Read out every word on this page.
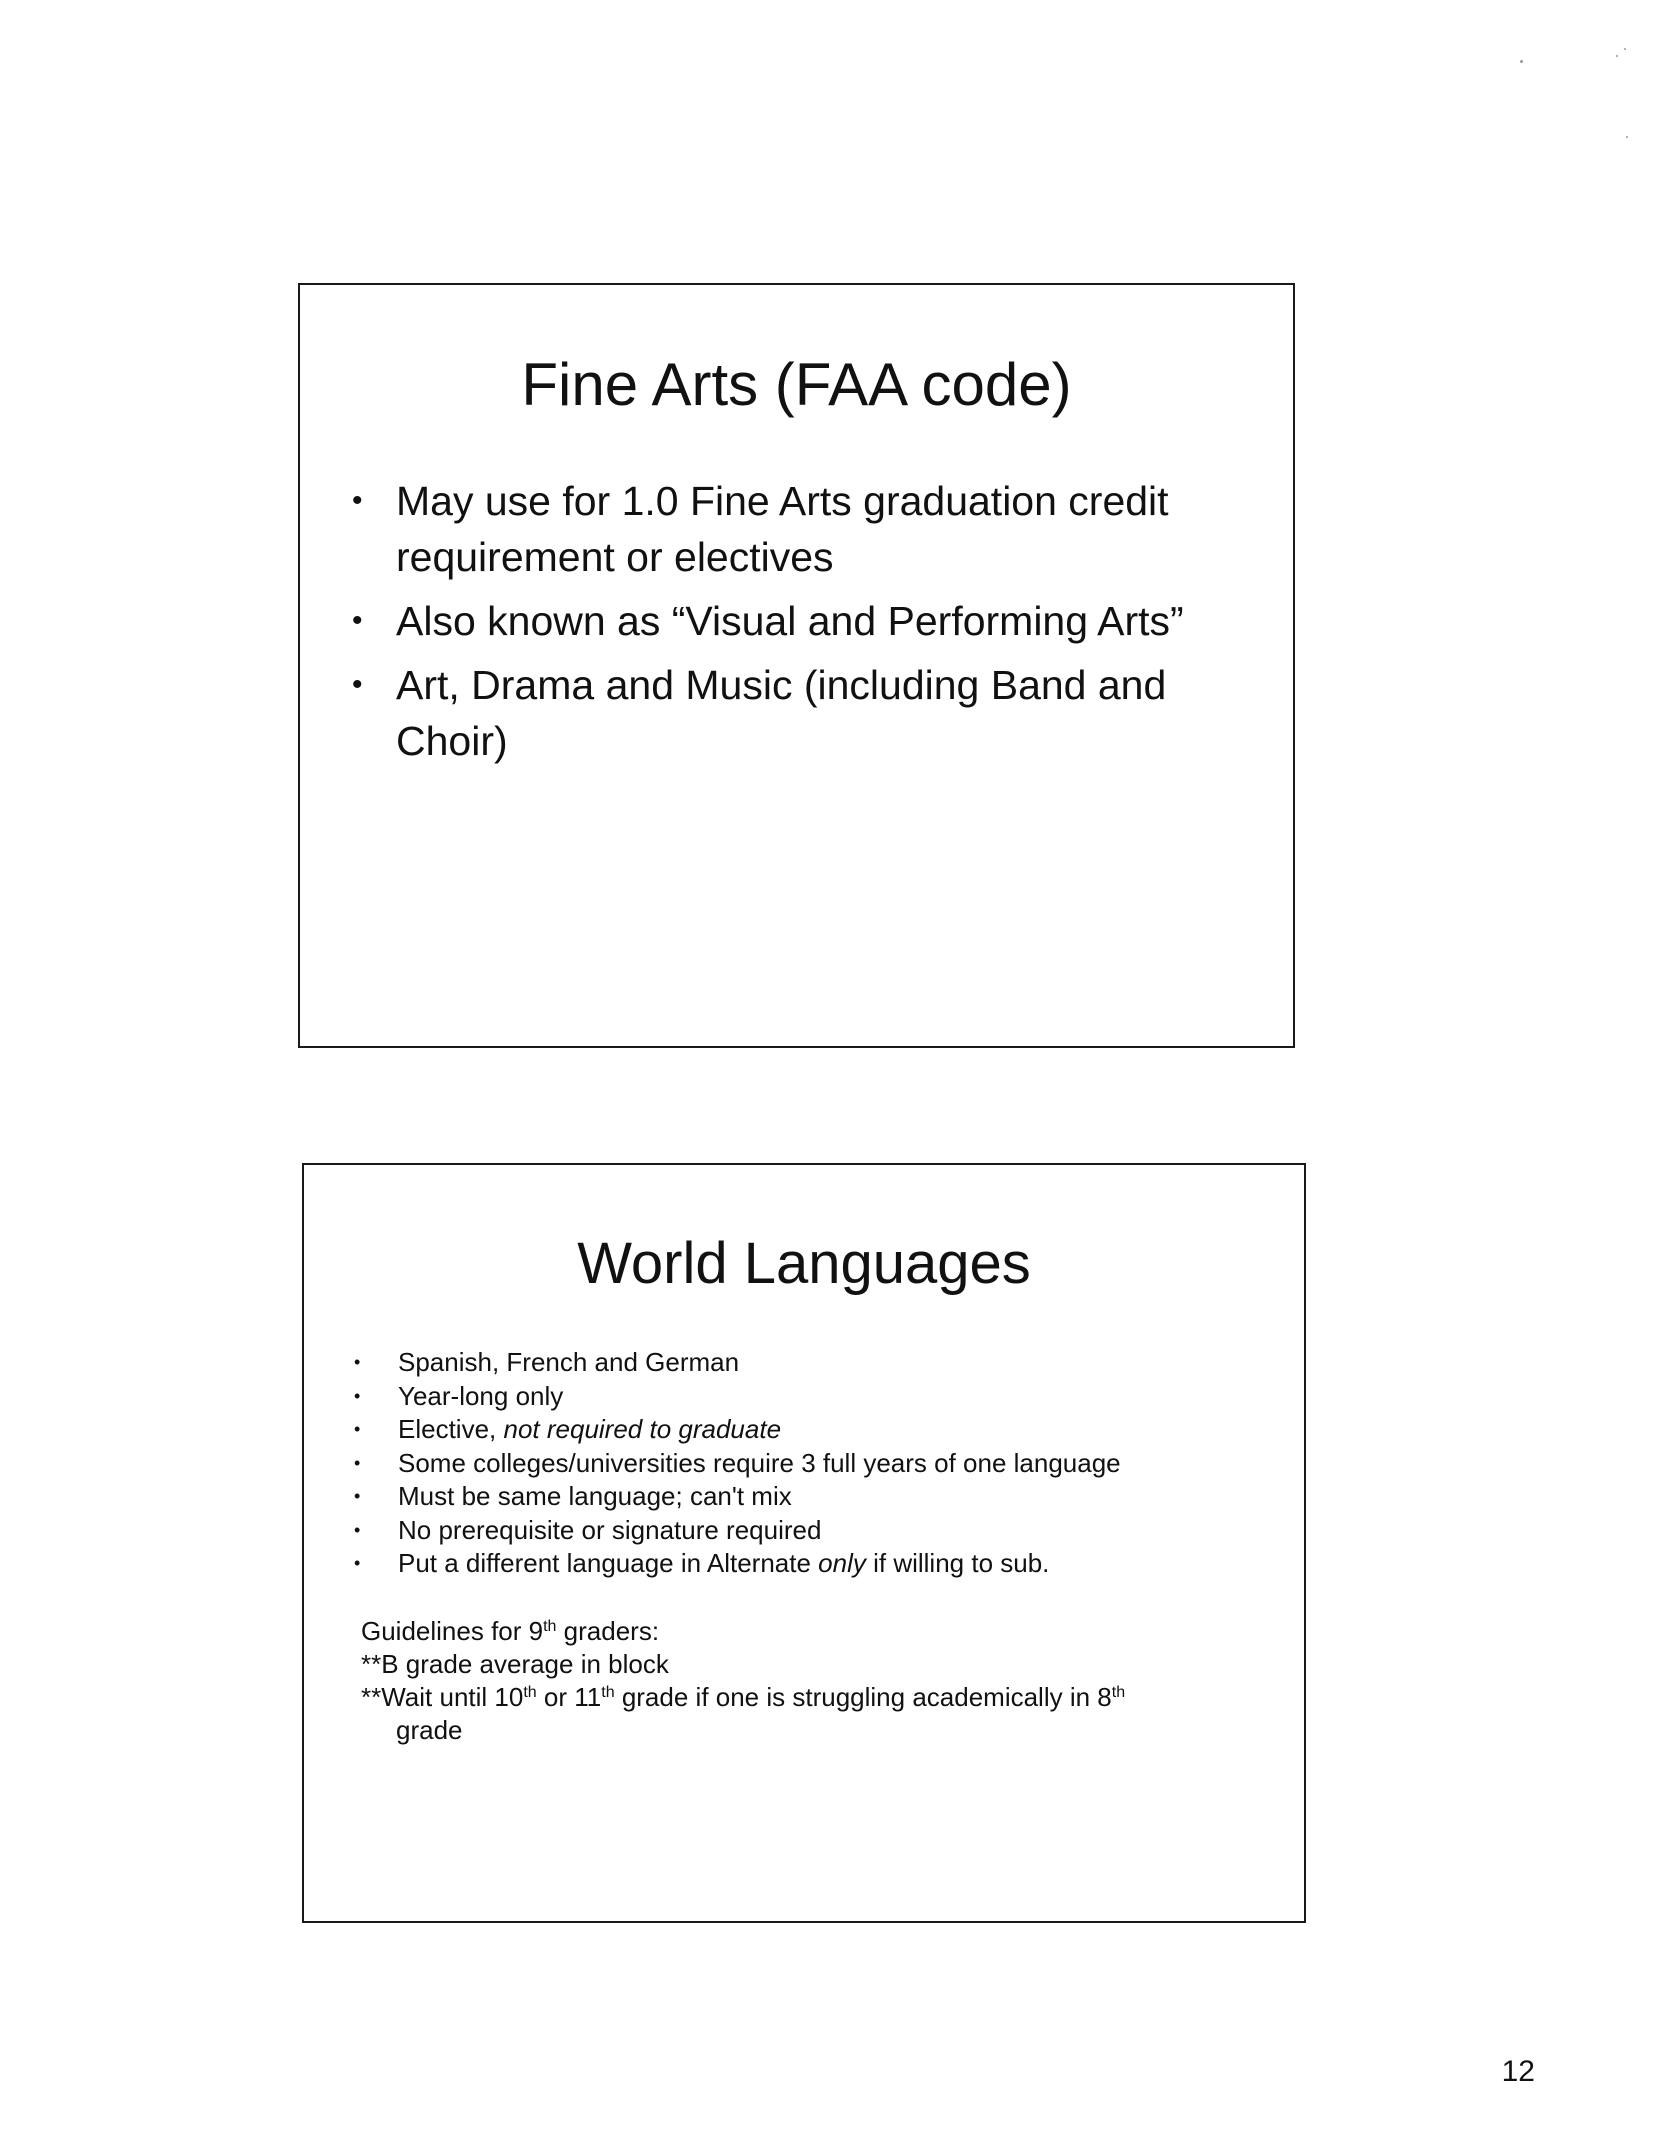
Fine Arts (FAA code)
• May use for 1.0 Fine Arts graduation credit requirement or electives
• Also known as “Visual and Performing Arts”
• Art, Drama and Music (including Band and Choir)
World Languages
• Spanish, French and German
• Year-long only
• Elective, not required to graduate
• Some colleges/universities require 3 full years of one language
• Must be same language; can't mix
• No prerequisite or signature required
• Put a different language in Alternate only if willing to sub.

Guidelines for 9th graders:

**B grade average in block

**Wait until 10th or 11th grade if one is struggling academically in 8th
grade

12
